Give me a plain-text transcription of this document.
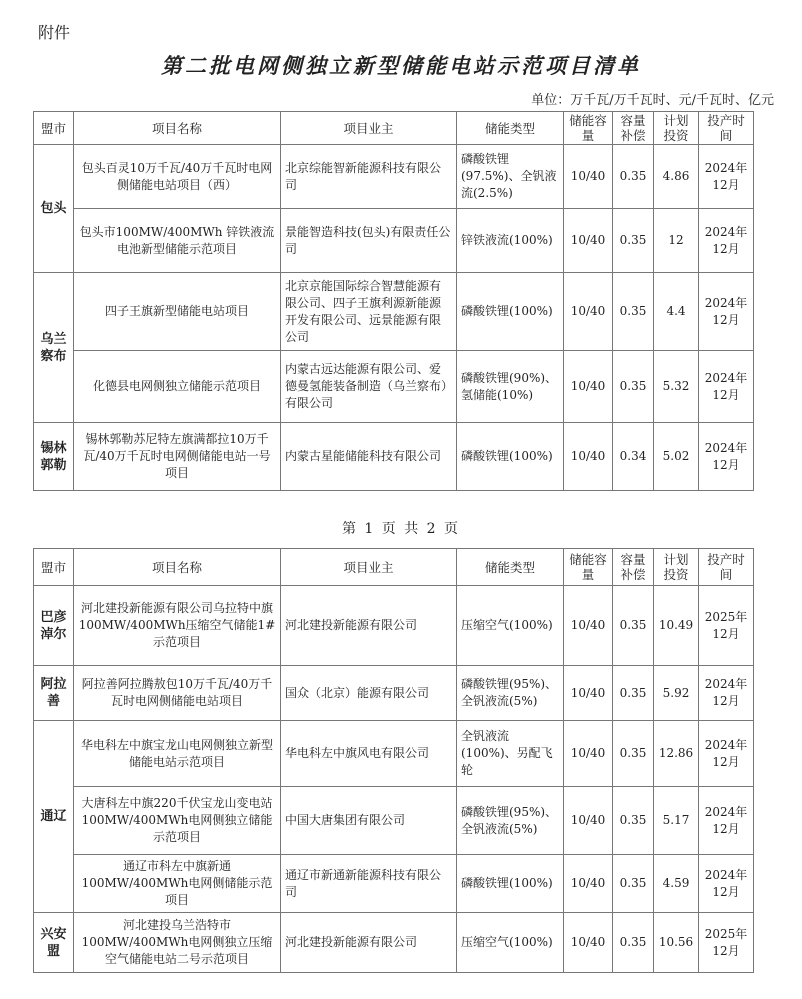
附件
第二批电网侧独立新型储能电站示范项目清单
单位：万千瓦/万千瓦时、元/千瓦时、亿元
盟市	项目名称	项目业主	储能类型	储能容量	容量补偿	计划投资	投产时间
包头	包头百灵10万千瓦/40万千瓦时电网侧储能电站项目（西）	北京综能智新能源科技有限公司	磷酸铁锂(97.5%)、全钒液流(2.5%)	10/40	0.35	4.86	2024年12月
	包头市100MW/400MWh 锌铁液流电池新型储能示范项目	景能智造科技(包头)有限责任公司	锌铁液流(100%)	10/40	0.35	12	2024年12月
乌兰察布	四子王旗新型储能电站项目	北京京能国际综合智慧能源有限公司、四子王旗利源新能源开发有限公司、远景能源有限公司	磷酸铁锂(100%)	10/40	0.35	4.4	2024年12月
	化德县电网侧独立储能示范项目	内蒙古远达能源有限公司、爱德曼氢能装备制造（乌兰察布）有限公司	磷酸铁锂(90%)、氢储能(10%)	10/40	0.35	5.32	2024年12月
锡林郭勒	锡林郭勒苏尼特左旗满都拉10万千瓦/40万千瓦时电网侧储能电站一号项目	内蒙古星能储能科技有限公司	磷酸铁锂(100%)	10/40	0.34	5.02	2024年12月
第 1 页 共 2 页
盟市	项目名称	项目业主	储能类型	储能容量	容量补偿	计划投资	投产时间
巴彦淖尔	河北建投新能源有限公司乌拉特中旗100MW/400MWh压缩空气储能1#示范项目	河北建投新能源有限公司	压缩空气(100%)	10/40	0.35	10.49	2025年12月
阿拉善	阿拉善阿拉腾敖包10万千瓦/40万千瓦时电网侧储能电站项目	国众（北京）能源有限公司	磷酸铁锂(95%)、全钒液流(5%)	10/40	0.35	5.92	2024年12月
通辽	华电科左中旗宝龙山电网侧独立新型储能电站示范项目	华电科左中旗风电有限公司	全钒液流(100%)、另配飞轮	10/40	0.35	12.86	2024年12月
	大唐科左中旗220千伏宝龙山变电站100MW/400MWh电网侧独立储能示范项目	中国大唐集团有限公司	磷酸铁锂(95%)、全钒液流(5%)	10/40	0.35	5.17	2024年12月
	通辽市科左中旗新通100MW/400MWh电网侧储能示范项目	通辽市新通新能源科技有限公司	磷酸铁锂(100%)	10/40	0.35	4.59	2024年12月
兴安盟	河北建投乌兰浩特市100MW/400MWh电网侧独立压缩空气储能电站二号示范项目	河北建投新能源有限公司	压缩空气(100%)	10/40	0.35	10.56	2025年12月
